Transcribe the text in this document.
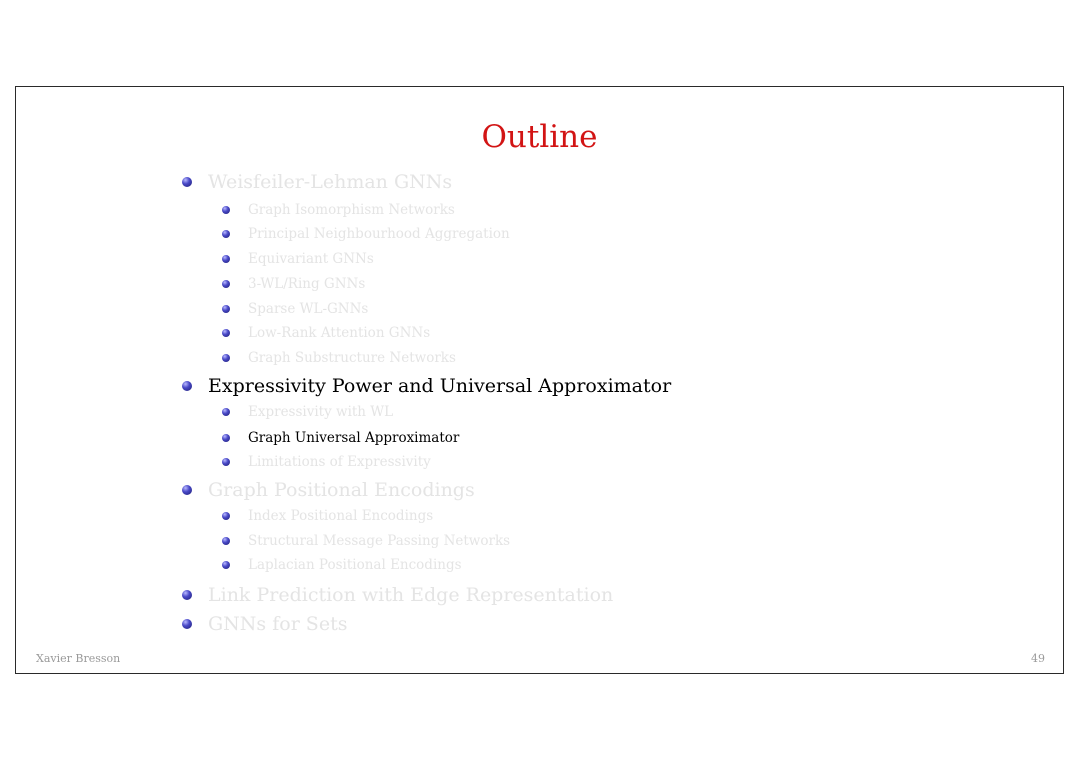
Outline
Weisfeiler-Lehman GNNs
Graph Isomorphism Networks
Principal Neighbourhood Aggregation
Equivariant GNNs
3-WL/Ring GNNs
Sparse WL-GNNs
Low-Rank Attention GNNs
Graph Substructure Networks
Expressivity Power and Universal Approximator
Expressivity with WL
Graph Universal Approximator
Limitations of Expressivity
Graph Positional Encodings
Index Positional Encodings
Structural Message Passing Networks
Laplacian Positional Encodings
Link Prediction with Edge Representation
GNNs for Sets
Xavier Bresson	49
